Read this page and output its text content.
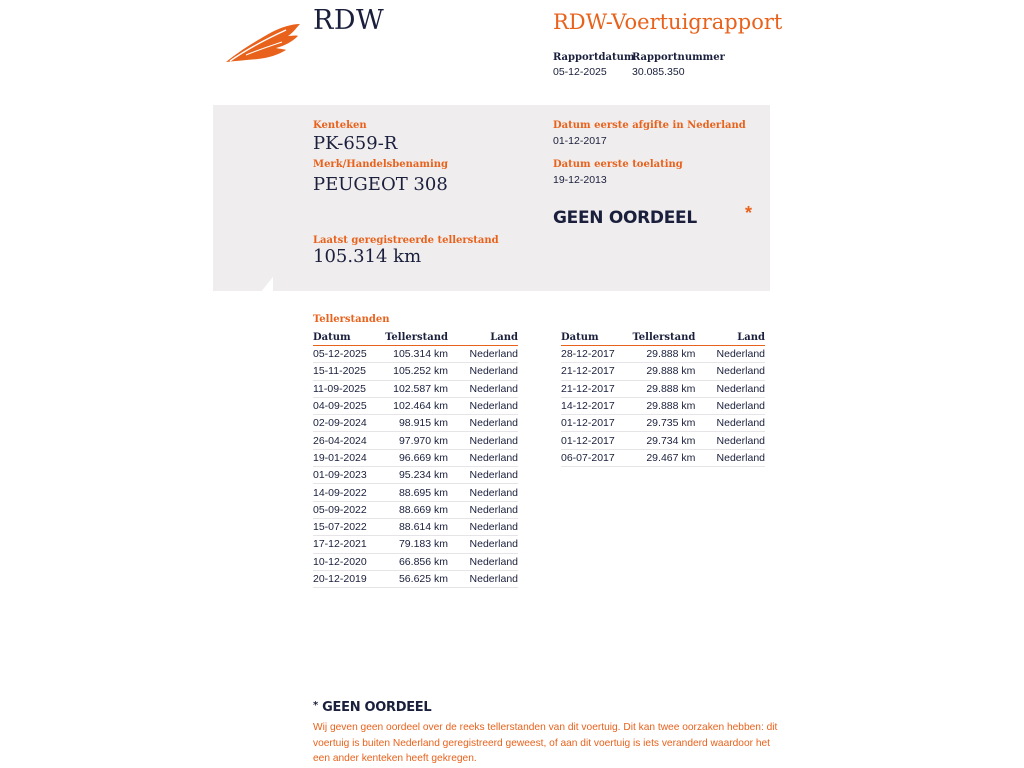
RDW	RDW-Voertuigrapport
Rapportdatum
05-12-2025
Rapportnummer
30.085.350
Kenteken
PK-659-R
Merk/Handelsbenaming
PEUGEOT 308
Laatst geregistreerde tellerstand
105.314 km
Datum eerste afgifte in Nederland
01-12-2017
Datum eerste toelating
19-12-2013
GEEN OORDEEL	*
Tellerstanden
Datum	Tellerstand	Land
05-12-2025	105.314 km	Nederland
15-11-2025	105.252 km	Nederland
11-09-2025	102.587 km	Nederland
04-09-2025	102.464 km	Nederland
02-09-2024	98.915 km	Nederland
26-04-2024	97.970 km	Nederland
19-01-2024	96.669 km	Nederland
01-09-2023	95.234 km	Nederland
14-09-2022	88.695 km	Nederland
05-09-2022	88.669 km	Nederland
15-07-2022	88.614 km	Nederland
17-12-2021	79.183 km	Nederland
10-12-2020	66.856 km	Nederland
20-12-2019	56.625 km	Nederland
Datum	Tellerstand	Land
28-12-2017	29.888 km	Nederland
21-12-2017	29.888 km	Nederland
21-12-2017	29.888 km	Nederland
14-12-2017	29.888 km	Nederland
01-12-2017	29.735 km	Nederland
01-12-2017	29.734 km	Nederland
06-07-2017	29.467 km	Nederland
* GEEN OORDEEL
Wij geven geen oordeel over de reeks tellerstanden van dit voertuig. Dit kan twee oorzaken hebben: dit voertuig is buiten Nederland geregistreerd geweest, of aan dit voertuig is iets veranderd waardoor het een ander kenteken heeft gekregen.
